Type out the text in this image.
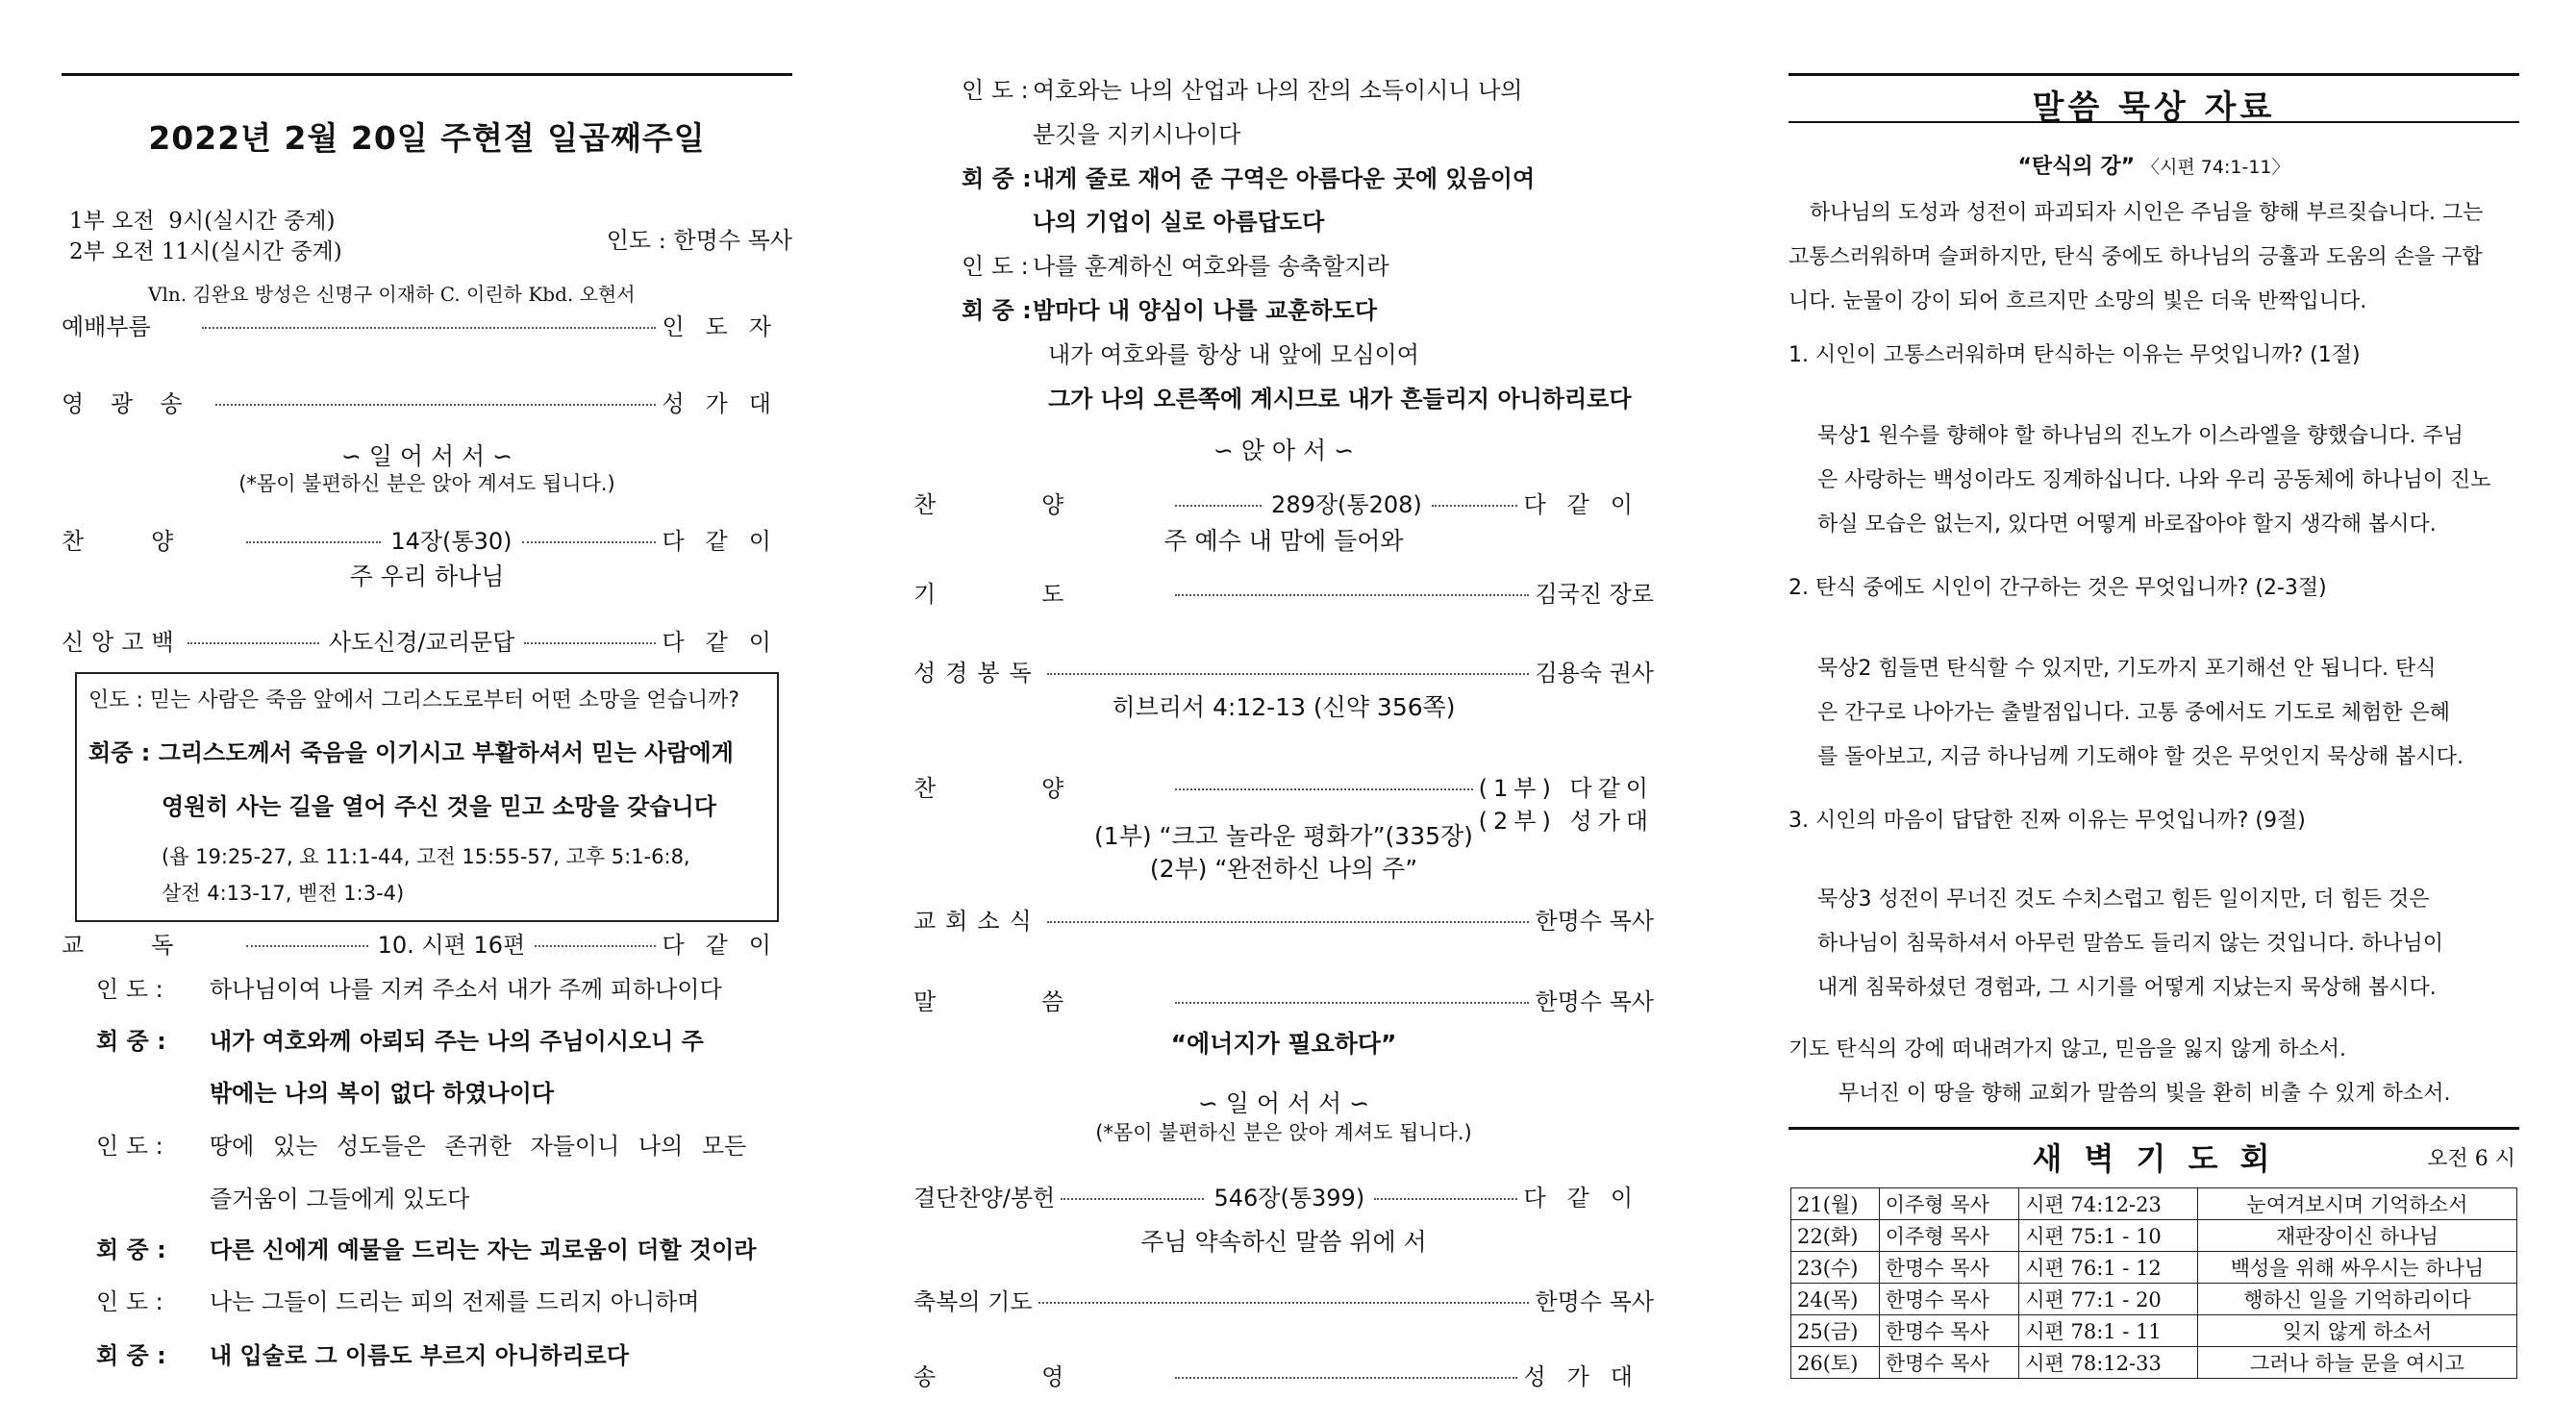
2022년 2월 20일 주현절 일곱째주일
1부 오전  9시(실시간 중계)
2부 오전 11시(실시간 중계)	인도 : 한명수 목사
Vln. 김완요 방성은 신명구 이재하 C. 이린하 Kbd. 오현서
예배부름	인도자
영광송	성가대
∽ 일 어 서 서 ∽
(*몸이 불편하신 분은 앉아 계셔도 됩니다.)
찬양	14장(통30)	다같이
주 우리 하나님
신앙고백	사도신경/교리문답	다같이
인도 : 믿는 사람은 죽음 앞에서 그리스도로부터 어떤 소망을 얻습니까?
회중 : 그리스도께서 죽음을 이기시고 부활하셔서 믿는 사람에게
영원히 사는 길을 열어 주신 것을 믿고 소망을 갖습니다
(욥 19:25-27, 요 11:1-44, 고전 15:55-57, 고후 5:1-6:8,
살전 4:13-17, 벧전 1:3-4)
교독	10. 시편 16편	다같이
인 도 : 하나님이여 나를 지켜 주소서 내가 주께 피하나이다
회 중 : 내가 여호와께 아뢰되 주는 나의 주님이시오니 주
밖에는 나의 복이 없다 하였나이다
인 도 : 땅에 있는 성도들은 존귀한 자들이니 나의 모든
즐거움이 그들에게 있도다
회 중 : 다른 신에게 예물을 드리는 자는 괴로움이 더할 것이라
인 도 : 나는 그들이 드리는 피의 전제를 드리지 아니하며
회 중 : 내 입술로 그 이름도 부르지 아니하리로다
인 도 : 여호와는 나의 산업과 나의 잔의 소득이시니 나의
분깃을 지키시나이다
회 중 :내게 줄로 재어 준 구역은 아름다운 곳에 있음이여
나의 기업이 실로 아름답도다
인 도 : 나를 훈계하신 여호와를 송축할지라
회 중 :밤마다 내 양심이 나를 교훈하도다
내가 여호와를 항상 내 앞에 모심이여
그가 나의 오른쪽에 계시므로 내가 흔들리지 아니하리로다
∽ 앉 아 서 ∽
찬양	289장(통208)	다같이
주 예수 내 맘에 들어와
기도	김국진 장로
성경봉독	김용숙 권사
히브리서 4:12-13 (신약 356쪽)
찬양	(1부) 다같이
(2부) 성가대
(1부) “크고 놀라운 평화가”(335장)
(2부) “완전하신 나의 주”
교회소식	한명수 목사
말씀	한명수 목사
“에너지가 필요하다”
∽ 일 어 서 서 ∽
(*몸이 불편하신 분은 앉아 계셔도 됩니다.)
결단찬양/봉헌	546장(통399)	다같이
주님 약속하신 말씀 위에 서
축복의 기도	한명수 목사
송영	성가대
말씀 묵상 자료
“탄식의 강” 〈시편 74:1-11〉
하나님의 도성과 성전이 파괴되자 시인은 주님을 향해 부르짖습니다. 그는
고통스러워하며 슬퍼하지만, 탄식 중에도 하나님의 긍휼과 도움의 손을 구합
니다. 눈물이 강이 되어 흐르지만 소망의 빛은 더욱 반짝입니다.
1. 시인이 고통스러워하며 탄식하는 이유는 무엇입니까? (1절)
묵상1 원수를 향해야 할 하나님의 진노가 이스라엘을 향했습니다. 주님
은 사랑하는 백성이라도 징계하십니다. 나와 우리 공동체에 하나님이 진노
하실 모습은 없는지, 있다면 어떻게 바로잡아야 할지 생각해 봅시다.
2. 탄식 중에도 시인이 간구하는 것은 무엇입니까? (2-3절)
묵상2 힘들면 탄식할 수 있지만, 기도까지 포기해선 안 됩니다. 탄식
은 간구로 나아가는 출발점입니다. 고통 중에서도 기도로 체험한 은혜
를 돌아보고, 지금 하나님께 기도해야 할 것은 무엇인지 묵상해 봅시다.
3. 시인의 마음이 답답한 진짜 이유는 무엇입니까? (9절)
묵상3 성전이 무너진 것도 수치스럽고 힘든 일이지만, 더 힘든 것은
하나님이 침묵하셔서 아무런 말씀도 들리지 않는 것입니다. 하나님이
내게 침묵하셨던 경험과, 그 시기를 어떻게 지났는지 묵상해 봅시다.
기도 탄식의 강에 떠내려가지 않고, 믿음을 잃지 않게 하소서.
무너진 이 땅을 향해 교회가 말씀의 빛을 환히 비출 수 있게 하소서.
새 벽 기 도 회	오전 6 시
21(월)	이주형 목사	시편 74:12-23	눈여겨보시며 기억하소서
22(화)	이주형 목사	시편 75:1 - 10	재판장이신 하나님
23(수)	한명수 목사	시편 76:1 - 12	백성을 위해 싸우시는 하나님
24(목)	한명수 목사	시편 77:1 - 20	행하신 일을 기억하리이다
25(금)	한명수 목사	시편 78:1 - 11	잊지 않게 하소서
26(토)	한명수 목사	시편 78:12-33	그러나 하늘 문을 여시고
